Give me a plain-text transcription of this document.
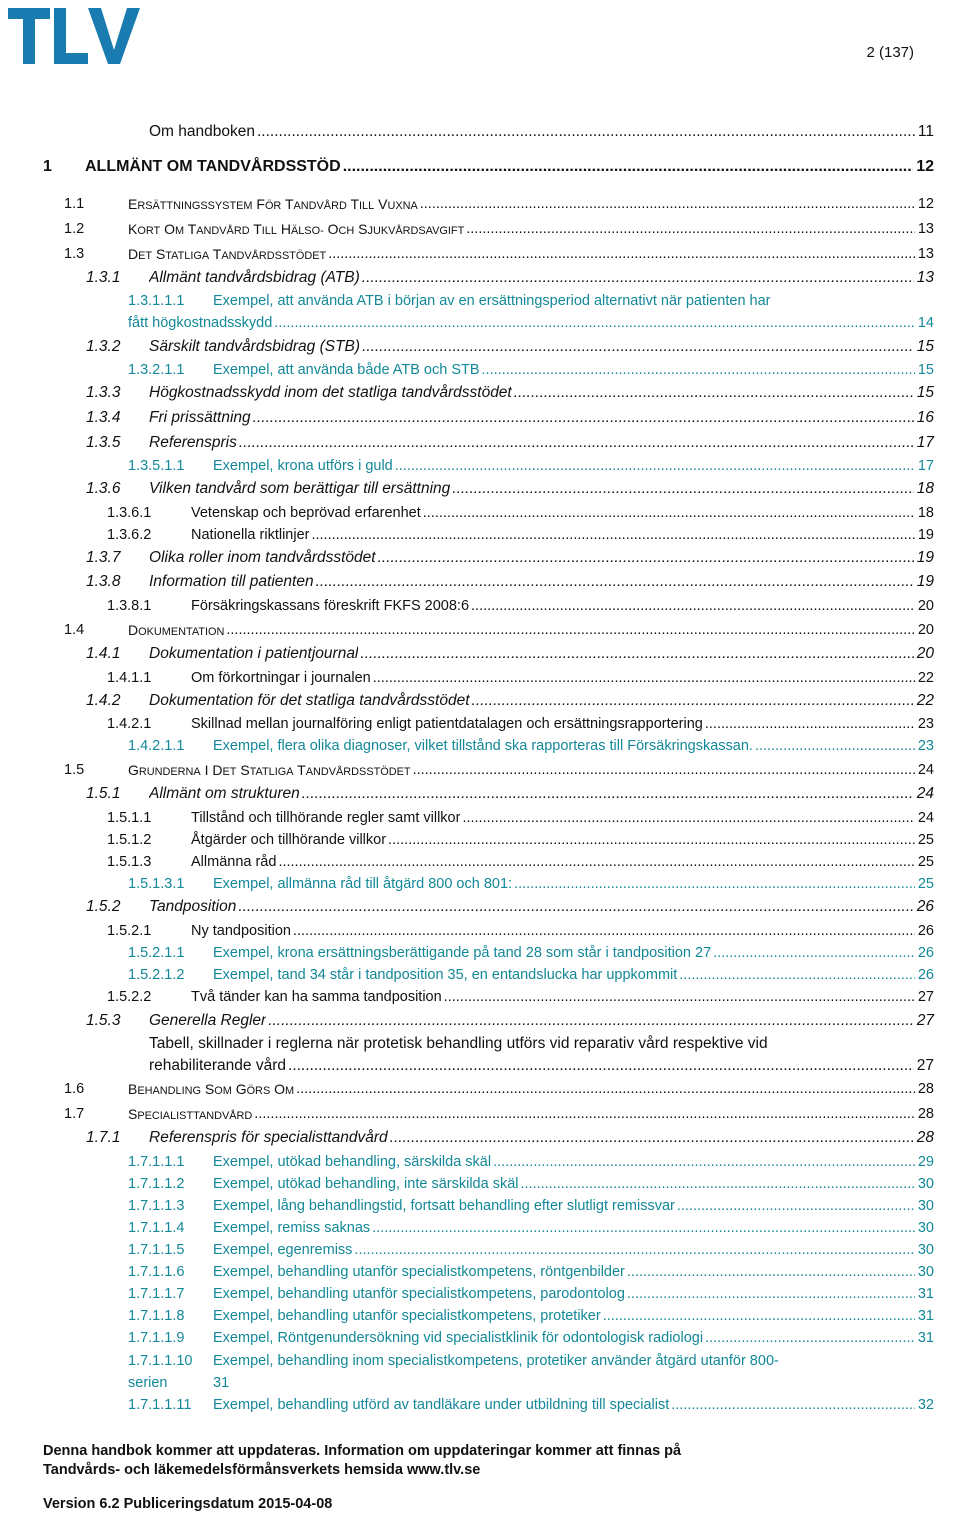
2 (137)
Om handboken .....	11
1 ALLMÄNT OM TANDVÅRDSSTÖD .....	12
1.1	ERSÄTTNINGSSYSTEM FÖR TANDVÅRD TILL VUXNA .....	12
1.2	KORT OM TANDVÅRD TILL HÄLSO- OCH SJUKVÅRDSAVGIFT .....	13
1.3	DET STATLIGA TANDVÅRDSSTÖDET .....	13
1.3.1 Allmänt tandvårdsbidrag (ATB) .....	13
1.3.1.1.1 Exempel, att använda ATB i början av en ersättningsperiod alternativt när patienten har
fått högkostnadsskydd .....	14
1.3.2 Särskilt tandvårdsbidrag (STB) .....	15
1.3.2.1.1 Exempel, att använda både ATB och STB .....	15
1.3.3 Högkostnadsskydd inom det statliga tandvårdsstödet .....	15
1.3.4 Fri prissättning .....	16
1.3.5 Referenspris .....	17
1.3.5.1.1 Exempel, krona utförs i guld .....	17
1.3.6 Vilken tandvård som berättigar till ersättning .....	18
1.3.6.1	Vetenskap och beprövad erfarenhet .....	18
1.3.6.2	Nationella riktlinjer .....	19
1.3.7 Olika roller inom tandvårdsstödet .....	19
1.3.8 Information till patienten .....	19
1.3.8.1	Försäkringskassans föreskrift FKFS 2008:6 .....	20
1.4	DOKUMENTATION .....	20
1.4.1 Dokumentation i patientjournal .....	20
1.4.1.1	Om förkortningar i journalen .....	22
1.4.2 Dokumentation för det statliga tandvårdsstödet .....	22
1.4.2.1	Skillnad mellan journalföring enligt patientdatalagen och ersättningsrapportering .....	23
1.4.2.1.1 Exempel, flera olika diagnoser, vilket tillstånd ska rapporteras till Försäkringskassan. .....	23
1.5	GRUNDERNA I DET STATLIGA TANDVÅRDSSTÖDET .....	24
1.5.1 Allmänt om strukturen .....	24
1.5.1.1	Tillstånd och tillhörande regler samt villkor .....	24
1.5.1.2	Åtgärder och tillhörande villkor .....	25
1.5.1.3	Allmänna råd .....	25
1.5.1.3.1 Exempel, allmänna råd till åtgärd 800 och 801: .....	25
1.5.2 Tandposition .....	26
1.5.2.1	Ny tandposition .....	26
1.5.2.1.1 Exempel, krona ersättningsberättigande på tand 28 som står i tandposition 27 .....	26
1.5.2.1.2 Exempel, tand 34 står i tandposition 35, en entandslucka har uppkommit .....	26
1.5.2.2	Två tänder kan ha samma tandposition .....	27
1.5.3 Generella Regler .....	27
Tabell, skillnader i reglerna när protetisk behandling utförs vid reparativ vård respektive vid
rehabiliterande vård .....	27
1.6	BEHANDLING SOM GÖRS OM .....	28
1.7	SPECIALISTTANDVÅRD .....	28
1.7.1 Referenspris för specialisttandvård .....	28
1.7.1.1.1 Exempel, utökad behandling, särskilda skäl .....	29
1.7.1.1.2 Exempel, utökad behandling, inte särskilda skäl .....	30
1.7.1.1.3 Exempel, lång behandlingstid, fortsatt behandling efter slutligt remissvar .....	30
1.7.1.1.4 Exempel, remiss saknas .....	30
1.7.1.1.5 Exempel, egenremiss .....	30
1.7.1.1.6 Exempel, behandling utanför specialistkompetens, röntgenbilder .....	30
1.7.1.1.7 Exempel, behandling utanför specialistkompetens, parodontolog .....	31
1.7.1.1.8 Exempel, behandling utanför specialistkompetens, protetiker .....	31
1.7.1.1.9 Exempel, Röntgenundersökning vid specialistklinik för odontologisk radiologi .....	31
1.7.1.1.10 Exempel, behandling inom specialistkompetens, protetiker använder åtgärd utanför 800-
serien	31
1.7.1.1.11 Exempel, behandling utförd av tandläkare under utbildning till specialist .....	32
Denna handbok kommer att uppdateras. Information om uppdateringar kommer att finnas på
Tandvårds- och läkemedelsförmånsverkets hemsida www.tlv.se
Version 6.2 Publiceringsdatum 2015-04-08
